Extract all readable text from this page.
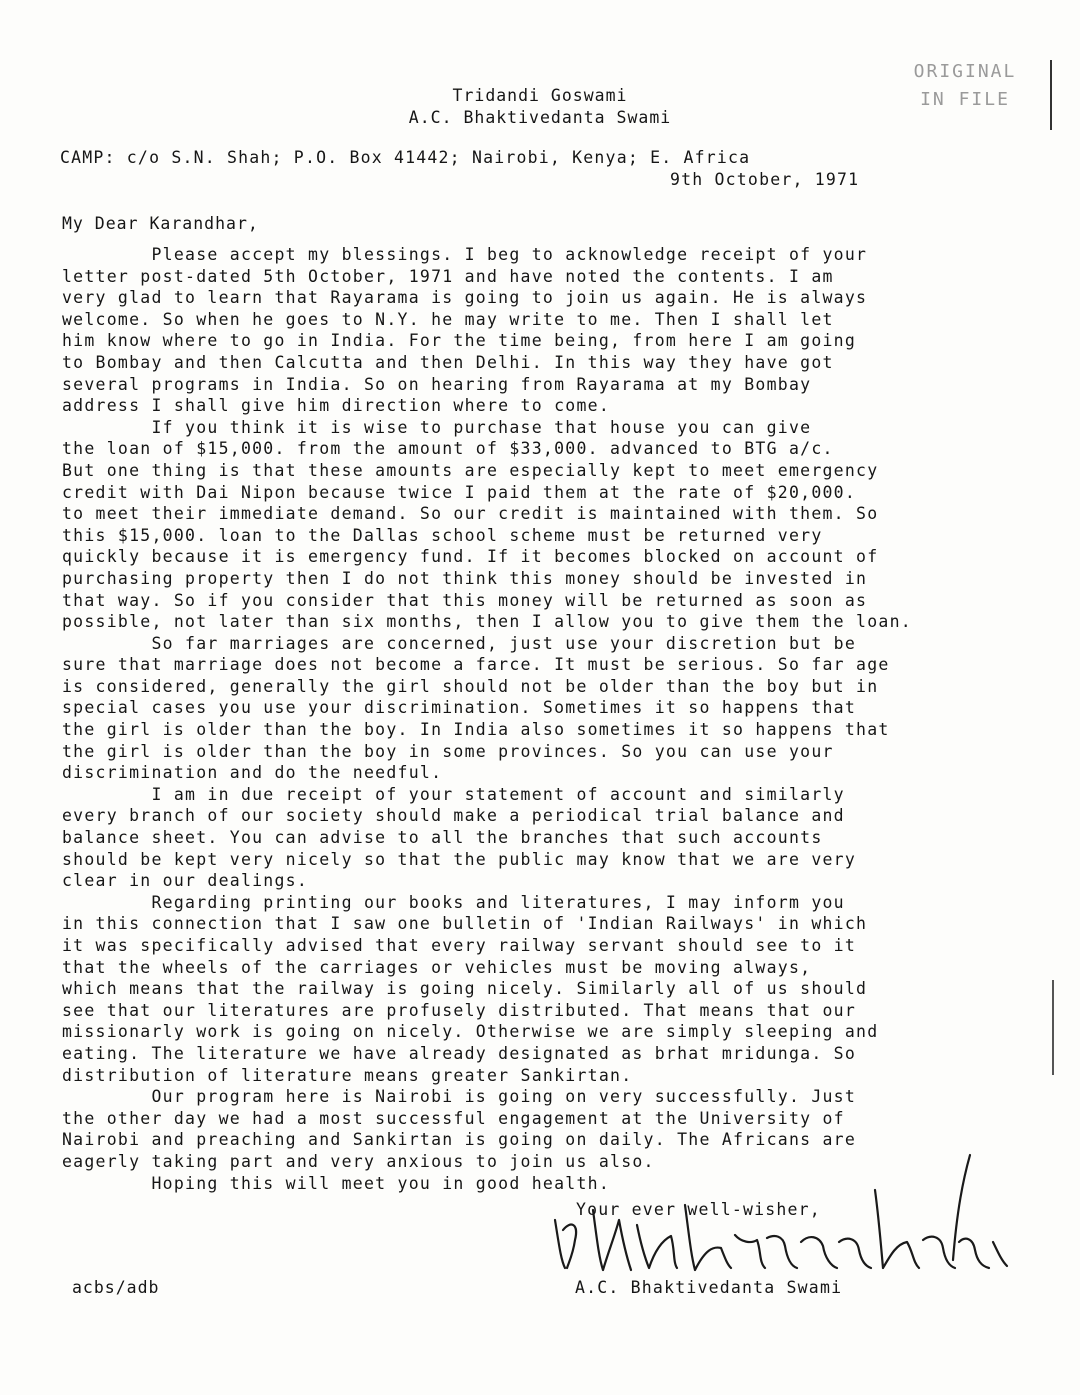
ORIGINAL
IN FILE
Tridandi Goswami
A.C. Bhaktivedanta Swami
CAMP: c/o S.N. Shah; P.O. Box 41442; Nairobi, Kenya; E. Africa
9th October, 1971
My Dear Karandhar,
Please accept my blessings. I beg to acknowledge receipt of your
letter post-dated 5th October, 1971 and have noted the contents. I am
very glad to learn that Rayarama is going to join us again. He is always
welcome. So when he goes to N.Y. he may write to me. Then I shall let
him know where to go in India. For the time being, from here I am going
to Bombay and then Calcutta and then Delhi. In this way they have got
several programs in India. So on hearing from Rayarama at my Bombay
address I shall give him direction where to come.
If you think it is wise to purchase that house you can give
the loan of $15,000. from the amount of $33,000. advanced to BTG a/c.
But one thing is that these amounts are especially kept to meet emergency
credit with Dai Nipon because twice I paid them at the rate of $20,000.
to meet their immediate demand. So our credit is maintained with them. So
this $15,000. loan to the Dallas school scheme must be returned very
quickly because it is emergency fund. If it becomes blocked on account of
purchasing property then I do not think this money should be invested in
that way. So if you consider that this money will be returned as soon as
possible, not later than six months, then I allow you to give them the loan.
So far marriages are concerned, just use your discretion but be
sure that marriage does not become a farce. It must be serious. So far age
is considered, generally the girl should not be older than the boy but in
special cases you use your discrimination. Sometimes it so happens that
the girl is older than the boy. In India also sometimes it so happens that
the girl is older than the boy in some provinces. So you can use your
discrimination and do the needful.
I am in due receipt of your statement of account and similarly
every branch of our society should make a periodical trial balance and
balance sheet. You can advise to all the branches that such accounts
should be kept very nicely so that the public may know that we are very
clear in our dealings.
Regarding printing our books and literatures, I may inform you
in this connection that I saw one bulletin of 'Indian Railways' in which
it was specifically advised that every railway servant should see to it
that the wheels of the carriages or vehicles must be moving always,
which means that the railway is going nicely. Similarly all of us should
see that our literatures are profusely distributed. That means that our
missionarly work is going on nicely. Otherwise we are simply sleeping and
eating. The literature we have already designated as brhat mridunga. So
distribution of literature means greater Sankirtan.
Our program here is Nairobi is going on very successfully. Just
the other day we had a most successful engagement at the University of
Nairobi and preaching and Sankirtan is going on daily. The Africans are
eagerly taking part and very anxious to join us also.
Hoping this will meet you in good health.
Your ever well-wisher,
A.C. Bhaktivedanta Swami
acbs/adb
